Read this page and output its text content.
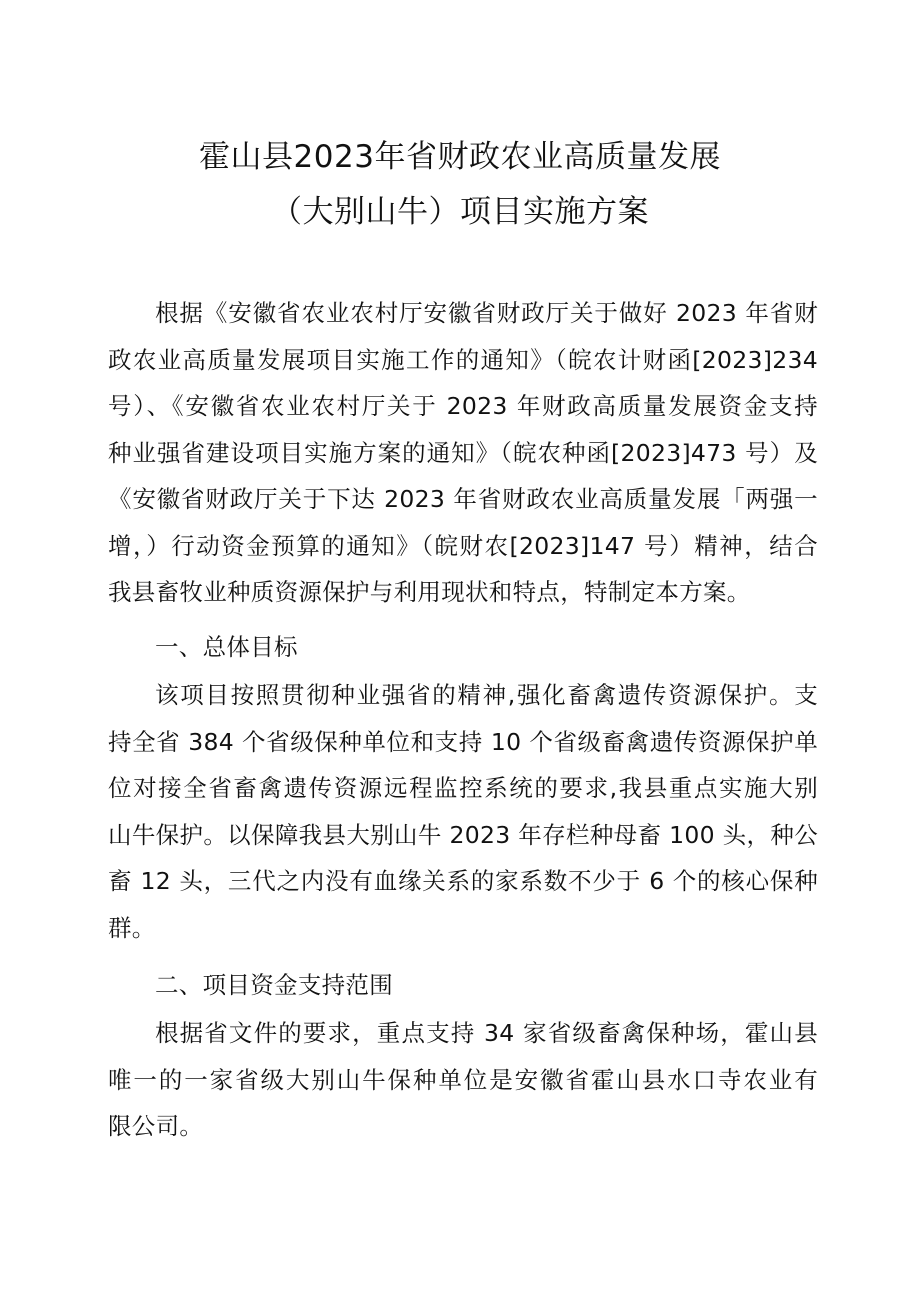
霍山县2023年省财政农业高质量发展
（大别山牛）项目实施方案
根据《安徽省农业农村厅安徽省财政厅关于做好 2023 年省财
政农业高质量发展项目实施工作的通知》（皖农计财函[2023]234
号）、《安徽省农业农村厅关于 2023 年财政高质量发展资金支持
种业强省建设项目实施方案的通知》（皖农种函[2023]473 号）及
《安徽省财政厅关于下达 2023 年省财政农业高质量发展「两强一
增，）行动资金预算的通知》（皖财农[2023]147 号）精神，结合
我县畜牧业种质资源保护与利用现状和特点，特制定本方案。
一、总体目标
该项目按照贯彻种业强省的精神,强化畜禽遗传资源保护。支
持全省 384 个省级保种单位和支持 10 个省级畜禽遗传资源保护单
位对接全省畜禽遗传资源远程监控系统的要求,我县重点实施大别
山牛保护。以保障我县大别山牛 2023 年存栏种母畜 100 头，种公
畜 12 头，三代之内没有血缘关系的家系数不少于 6 个的核心保种
群。
二、项目资金支持范围
根据省文件的要求，重点支持 34 家省级畜禽保种场，霍山县
唯一的一家省级大别山牛保种单位是安徽省霍山县水口寺农业有
限公司。
